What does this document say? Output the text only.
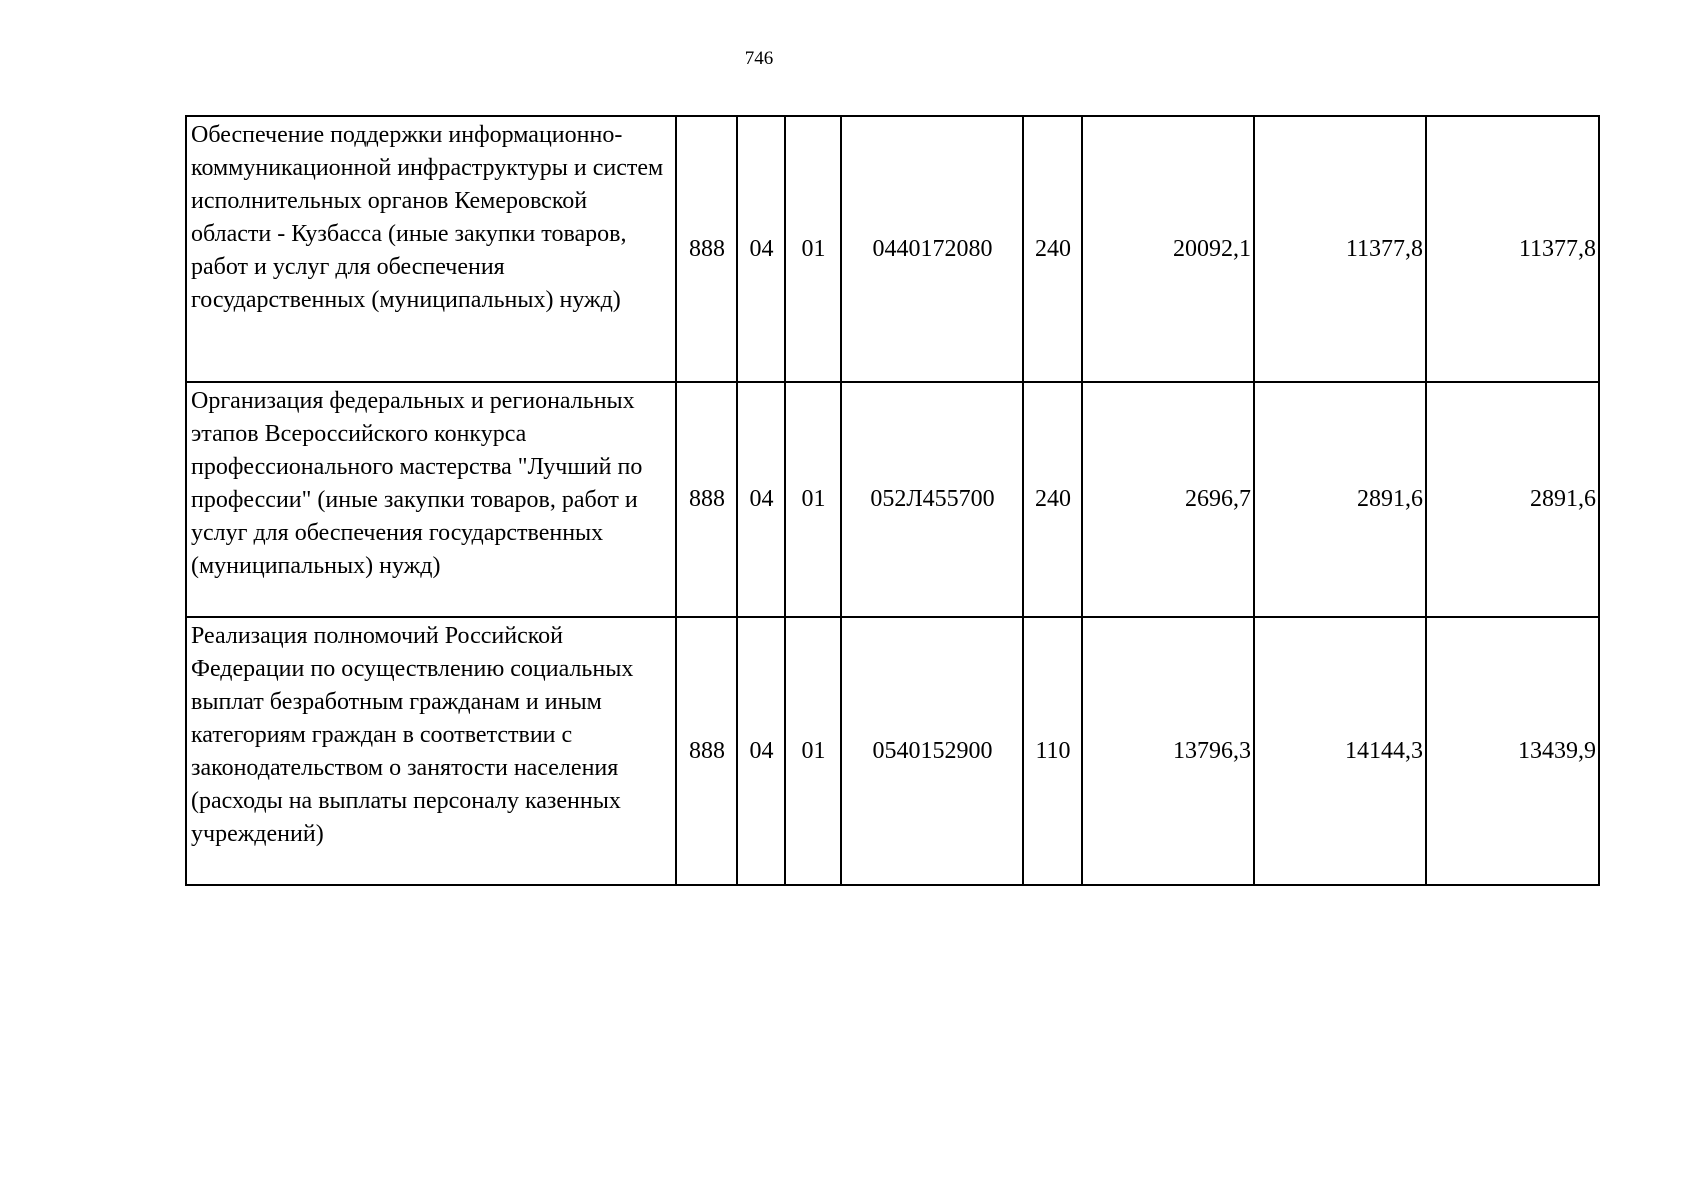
746
Обеспечение поддержки информационно-коммуникационной инфраструктуры и систем исполнительных органов Кемеровской области - Кузбасса (иные закупки товаров, работ и услуг для обеспечения государственных (муниципальных) нужд)	888	04	01	0440172080	240	20092,1	11377,8	11377,8
Организация федеральных и региональных этапов Всероссийского конкурса профессионального мастерства "Лучший по профессии" (иные закупки товаров, работ и услуг для обеспечения государственных (муниципальных) нужд)	888	04	01	052Л455700	240	2696,7	2891,6	2891,6
Реализация полномочий Российской Федерации по осуществлению социальных выплат безработным гражданам и иным категориям граждан в соответствии с законодательством о занятости населения (расходы на выплаты персоналу казенных учреждений)	888	04	01	0540152900	110	13796,3	14144,3	13439,9
